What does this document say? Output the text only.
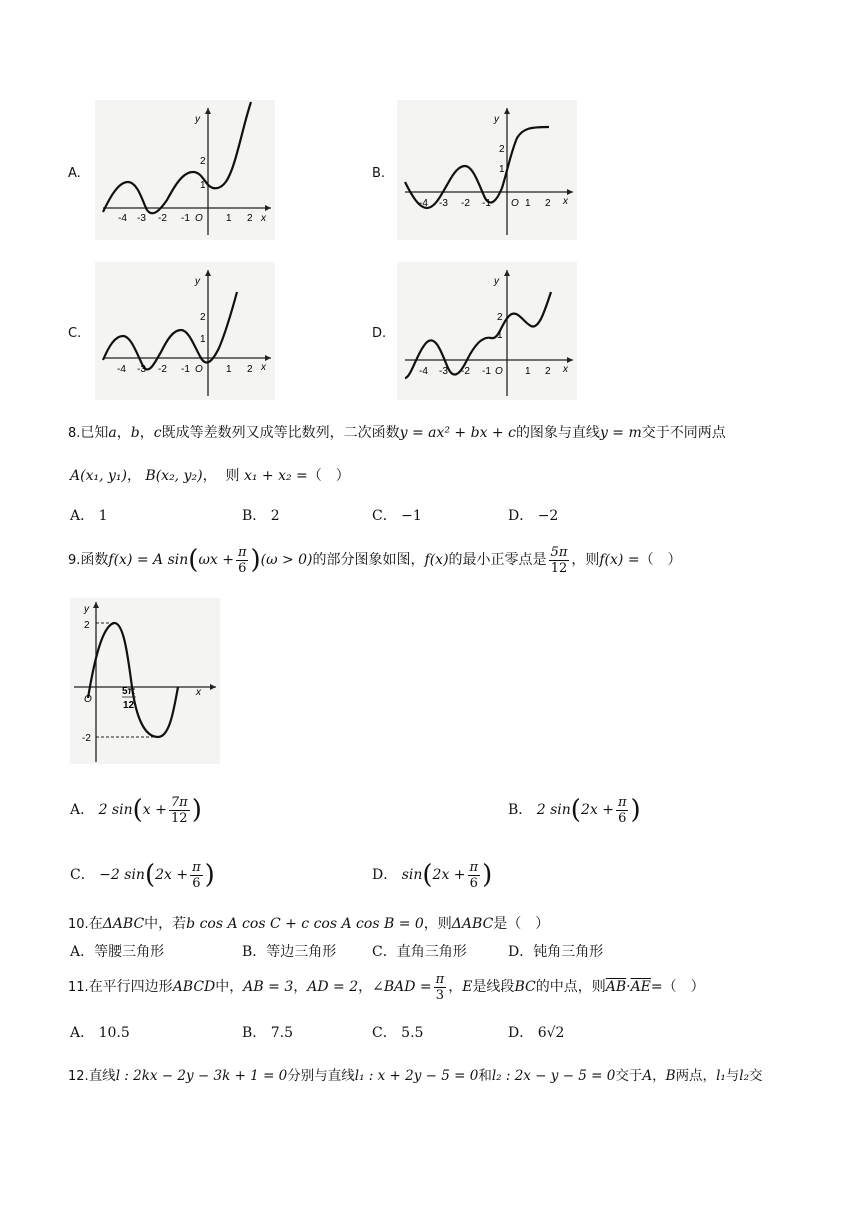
A.
y
x
-4 -3 -2 -1 O 1 2
2
1
B.
y
x
-4 -3 -2 -1 O 1 2
2
1
C.
y
x
-4 -3 -2 -1 O 1 2
2
1	D.
y
x
-4 -3 -2 -1 O 1 2
2
1
8.已知a，b，c既成等差数列又成等比数列，二次函数y = ax² + bx + c的图象与直线y = m交于不同两点
A(x₁, y₁)， B(x₂, y₂)， 则 x₁ + x₂ =（　）
A． 1	B． 2	C． −1	D． −2
9.函数f(x) = A $\sin(\omega x + \frac{\pi}{6} )(\omega > 0)$的部分图象如图，f(x)的最小正零点是 $\frac{5\pi}{12}$ ，则f(x) =（　）
y
x
O
2
-2
5π
12
A． 2 $\sin(x + \frac{7\pi}{12}$ )	B． 2 $\sin(2x + \frac{\pi}{6}$ )
C． −2 $\sin(2x + \frac{\pi}{6}$ )	D． $\sin(2x + \frac{\pi}{6}$ )
10.在ΔABC中，若b cos A cos C + c cos A cos B = 0，则ΔABC是（　）
A．等腰三角形	B．等边三角形	C．直角三角形	D．钝角三角形
11.在平行四边形ABCD中，AB = 3，AD = 2，∠BAD = $\frac{\pi}{3}$ ，E是线段BC的中点，则$\overline{AB}\cdot\overline{AE}=$（　）
A． 10.5	B． 7.5	C． 5.5	D． 6√2
12.直线l : 2kx − 2y − 3k + 1 = 0分别与直线l₁ : x + 2y − 5 = 0和l₂ : 2x − y − 5 = 0交于A，B两点，l₁与l₂交
